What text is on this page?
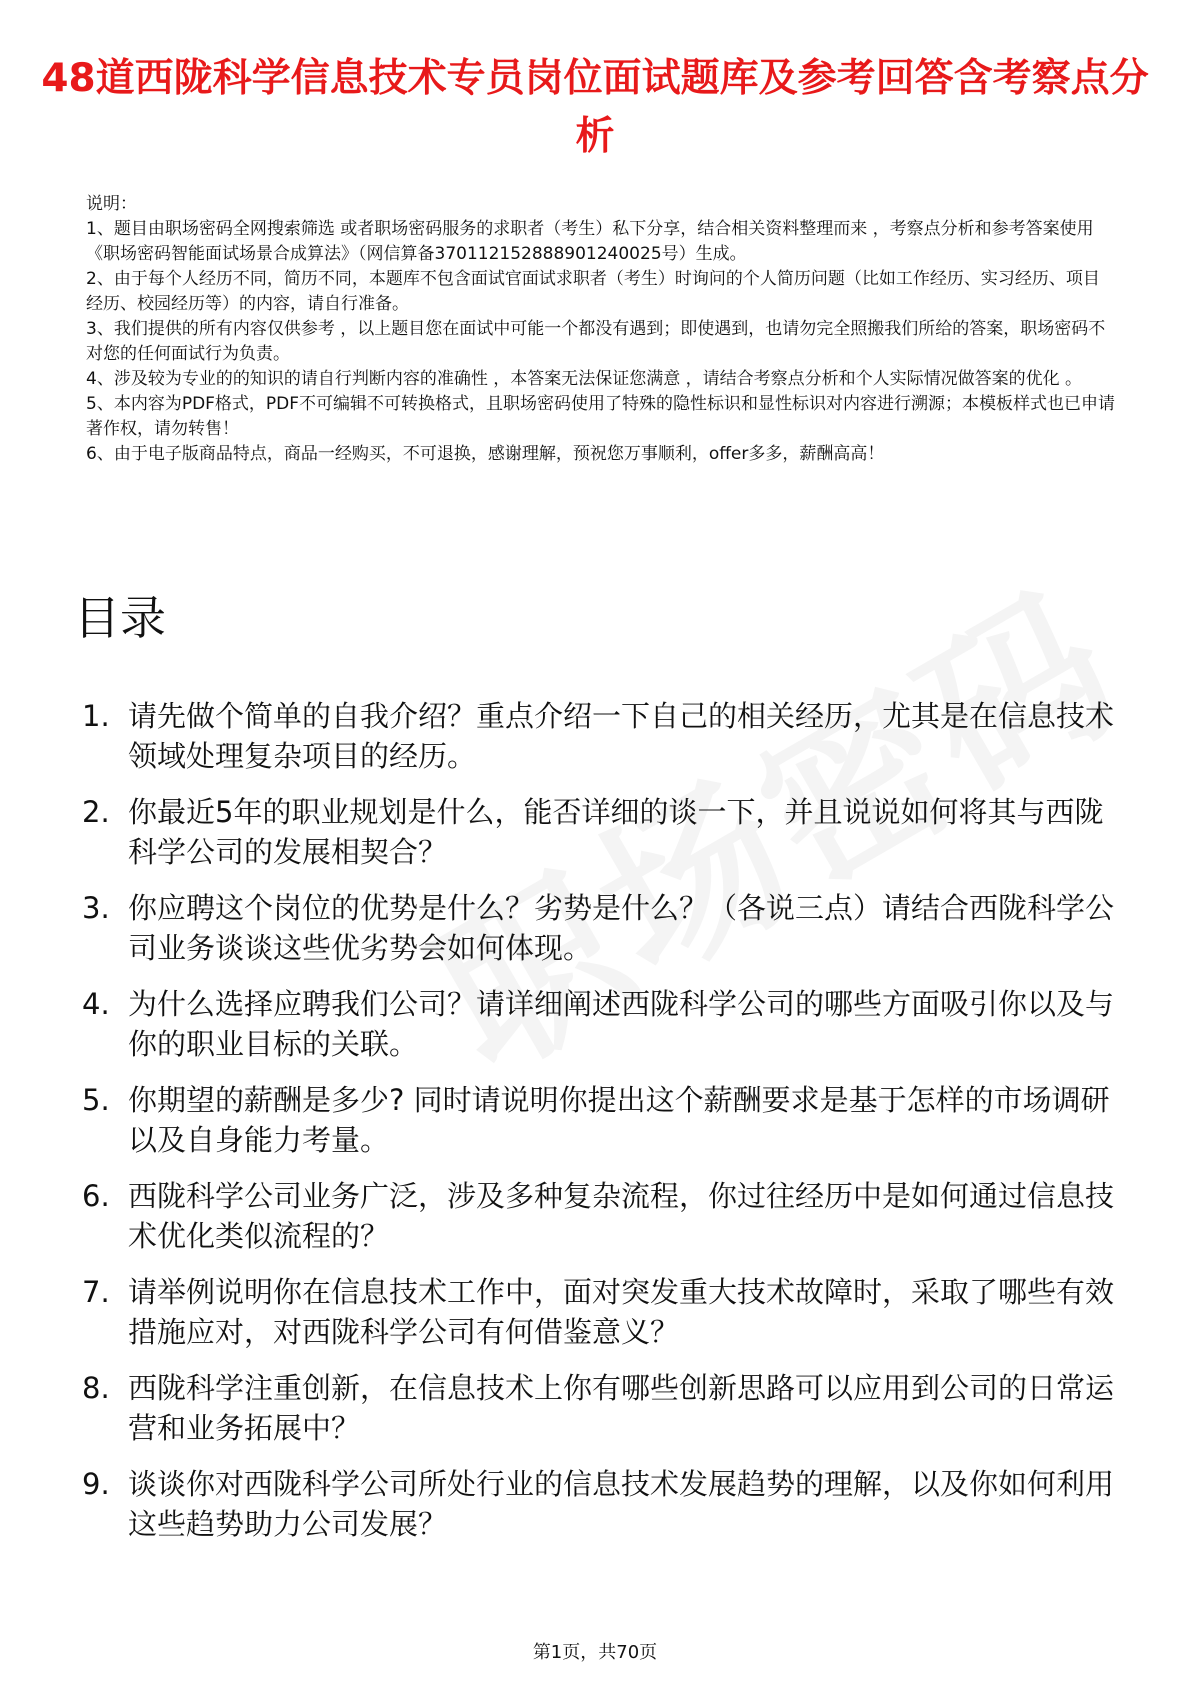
48道西陇科学信息技术专员岗位面试题库及参考回答含考察点分析

说明：

1、题目由职场密码全网搜索筛选 或者职场密码服务的求职者（考生）私下分享，结合相关资料整理而来 ，考察点分析和参考答案使用《职场密码智能面试场景合成算法》（网信算备370112152888901240025号）生成。

2、由于每个人经历不同，简历不同，本题库不包含面试官面试求职者（考生）时询问的个人简历问题（比如工作经历、实习经历、项目经历、校园经历等）的内容，请自行准备。

3、我们提供的所有内容仅供参考 ，以上题目您在面试中可能一个都没有遇到；即使遇到，也请勿完全照搬我们所给的答案，职场密码不对您的任何面试行为负责。

4、涉及较为专业的的知识的请自行判断内容的准确性 ，本答案无法保证您满意 ，请结合考察点分析和个人实际情况做答案的优化 。

5、本内容为PDF格式，PDF不可编辑不可转换格式，且职场密码使用了特殊的隐性标识和显性标识对内容进行溯源；本模板样式也已申请著作权，请勿转售！

6、由于电子版商品特点，商品一经购买，不可退换，感谢理解，预祝您万事顺利，offer多多，薪酬高高！

目录
1. 请先做个简单的自我介绍？重点介绍一下自己的相关经历，尤其是在信息技术领域处理复杂项目的经历。
2. 你最近5年的职业规划是什么，能否详细的谈一下，并且说说如何将其与西陇科学公司的发展相契合？
3. 你应聘这个岗位的优势是什么？劣势是什么？（各说三点）请结合西陇科学公司业务谈谈这些优劣势会如何体现。
4. 为什么选择应聘我们公司？请详细阐述西陇科学公司的哪些方面吸引你以及与你的职业目标的关联。
5. 你期望的薪酬是多少? 同时请说明你提出这个薪酬要求是基于怎样的市场调研以及自身能力考量。
6. 西陇科学公司业务广泛，涉及多种复杂流程，你过往经历中是如何通过信息技术优化类似流程的？
7. 请举例说明你在信息技术工作中，面对突发重大技术故障时，采取了哪些有效措施应对，对西陇科学公司有何借鉴意义？
8. 西陇科学注重创新，在信息技术上你有哪些创新思路可以应用到公司的日常运营和业务拓展中？
9. 谈谈你对西陇科学公司所处行业的信息技术发展趋势的理解，以及你如何利用这些趋势助力公司发展？
第1页，共70页
